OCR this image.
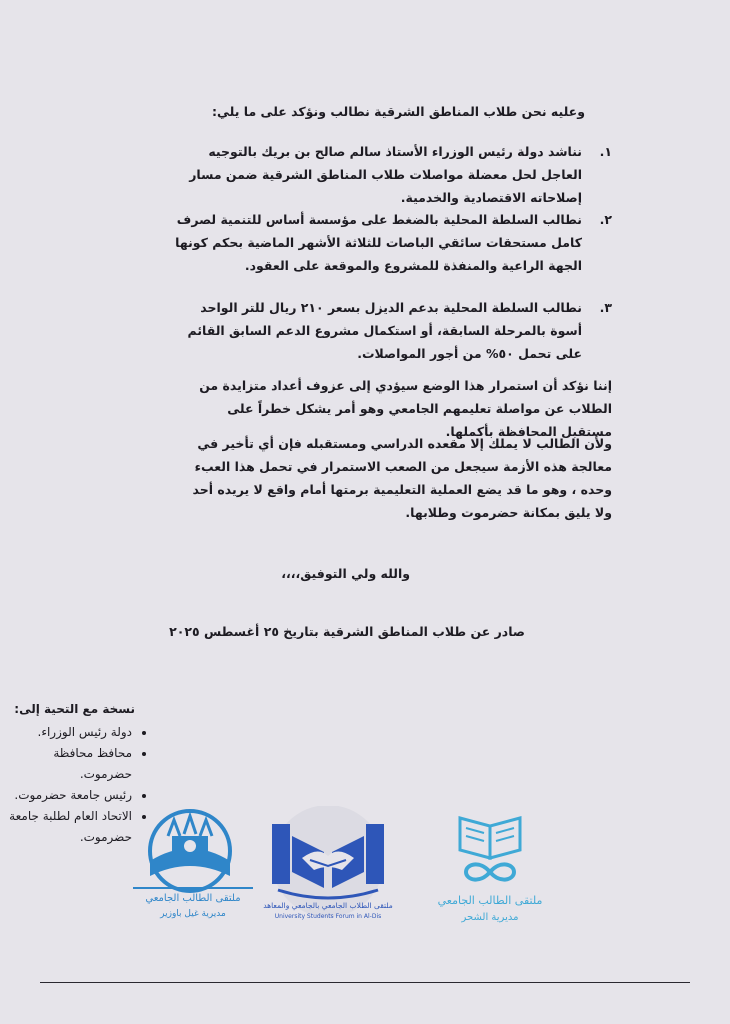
وعليه نحن طلاب المناطق الشرقية نطالب ونؤكد على ما يلي:
١.
نناشد دولة رئيس الوزراء الأستاذ سالم صالح بن بريك بالتوجيه العاجل لحل معضلة مواصلات طلاب المناطق الشرقية ضمن مسار إصلاحاته الاقتصادية والخدمية.
٢.
نطالب السلطة المحلية بالضغط على مؤسسة أساس للتنمية لصرف كامل مستحقات سائقي الباصات للثلاثة الأشهر الماضية بحكم كونها الجهة الراعية والمنفذة للمشروع والموقعة على العقود.
٣.
نطالب السلطة المحلية بدعم الديزل بسعر ٢١٠ ريال للتر الواحد أسوة بالمرحلة السابقة، أو استكمال مشروع الدعم السابق القائم على تحمل ٥٠% من أجور المواصلات.
إننا نؤكد أن استمرار هذا الوضع سيؤدي إلى عزوف أعداد متزايدة من الطلاب عن مواصلة تعليمهم الجامعي وهو أمر يشكل خطراً على مستقبل المحافظة بأكملها.
ولأن الطالب لا يملك إلا مقعده الدراسي ومستقبله فإن أي تأخير في معالجة هذه الأزمة سيجعل من الصعب الاستمرار في تحمل هذا العبء وحده ، وهو ما قد يضع العملية التعليمية برمتها أمام واقع لا يريده أحد ولا يليق بمكانة حضرموت وطلابها.
والله ولي التوفيق،،،،
صادر عن طلاب المناطق الشرقية بتاريخ ٢٥ أغسطس ٢٠٢٥
نسخة مع التحية إلى:
• دولة رئيس الوزراء.
• محافظ محافظة حضرموت.
• رئيس جامعة حضرموت.
• الاتحاد العام لطلبة جامعة حضرموت.
ملتقى الطالب الجامعي
مديرية غيل باوزير
ملتقى الطلاب الجامعي بالجامعي والمعاهد
University Students Forum in Al-Dis
ملتقى الطالب الجامعي
مديرية الشحر
